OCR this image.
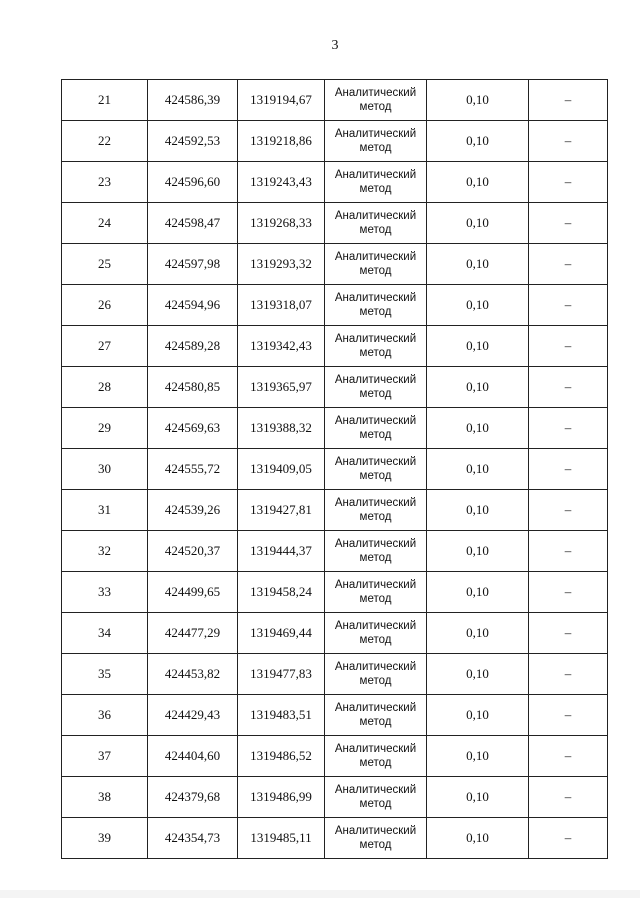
3
21	424586,39	1319194,67	Аналитический
метод	0,10	–
22	424592,53	1319218,86	Аналитический
метод	0,10	–
23	424596,60	1319243,43	Аналитический
метод	0,10	–
24	424598,47	1319268,33	Аналитический
метод	0,10	–
25	424597,98	1319293,32	Аналитический
метод	0,10	–
26	424594,96	1319318,07	Аналитический
метод	0,10	–
27	424589,28	1319342,43	Аналитический
метод	0,10	–
28	424580,85	1319365,97	Аналитический
метод	0,10	–
29	424569,63	1319388,32	Аналитический
метод	0,10	–
30	424555,72	1319409,05	Аналитический
метод	0,10	–
31	424539,26	1319427,81	Аналитический
метод	0,10	–
32	424520,37	1319444,37	Аналитический
метод	0,10	–
33	424499,65	1319458,24	Аналитический
метод	0,10	–
34	424477,29	1319469,44	Аналитический
метод	0,10	–
35	424453,82	1319477,83	Аналитический
метод	0,10	–
36	424429,43	1319483,51	Аналитический
метод	0,10	–
37	424404,60	1319486,52	Аналитический
метод	0,10	–
38	424379,68	1319486,99	Аналитический
метод	0,10	–
39	424354,73	1319485,11	Аналитический
метод	0,10	–
